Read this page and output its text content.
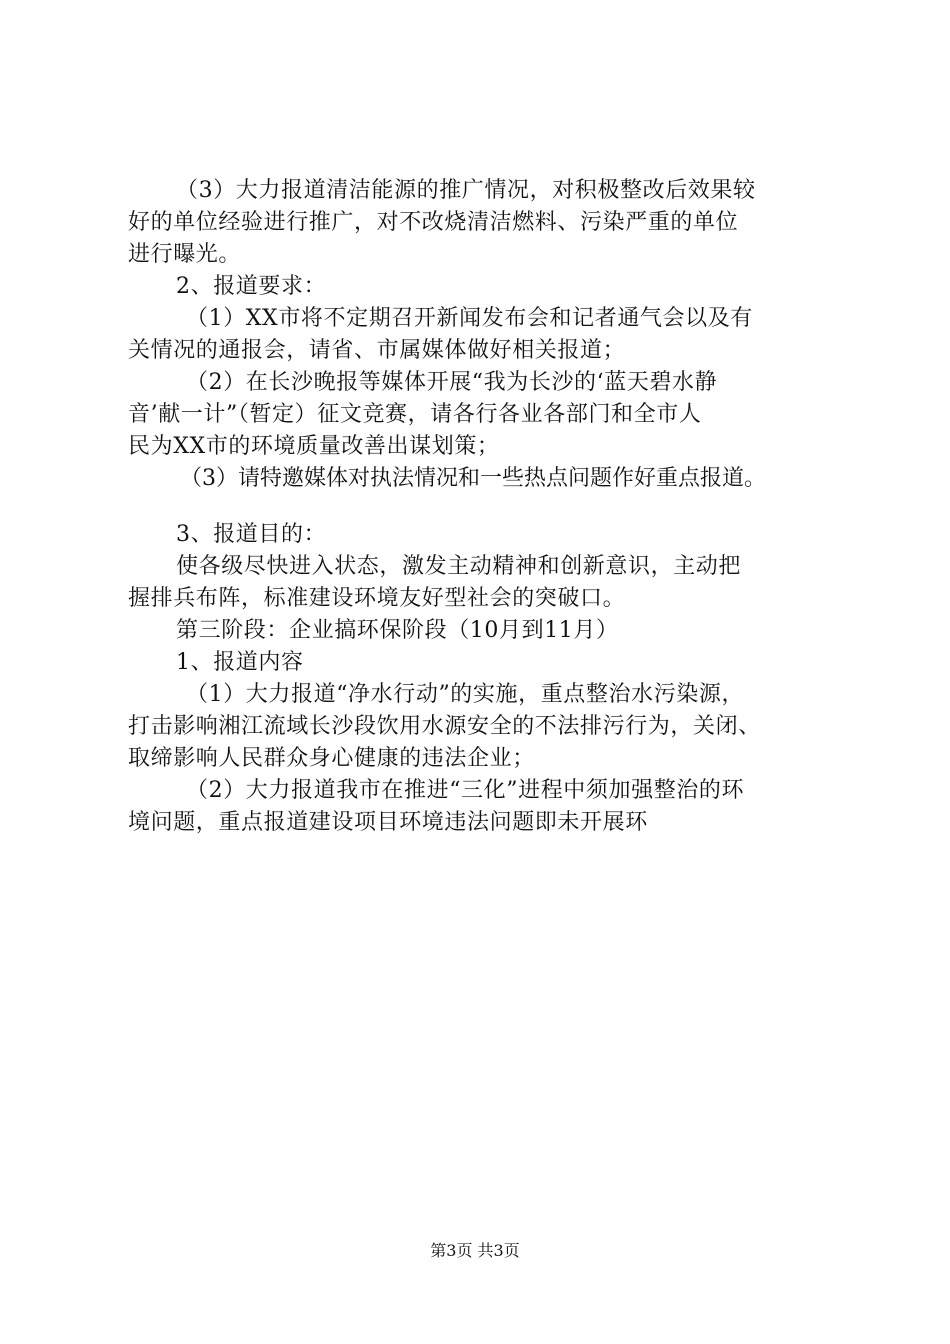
（3）大力报道清洁能源的推广情况，对积极整改后效果较
好的单位经验进行推广，对不改烧清洁燃料、污染严重的单位
进行曝光。
2、报道要求：
（1）XX市将不定期召开新闻发布会和记者通气会以及有
关情况的通报会，请省、市属媒体做好相关报道；
（2）在长沙晚报等媒体开展“我为长沙的‘蓝天碧水静
音’献一计”（暂定）征文竞赛，请各行各业各部门和全市人
民为XX市的环境质量改善出谋划策；
（3）请特邀媒体对执法情况和一些热点问题作好重点报道。
3、报道目的：
使各级尽快进入状态，激发主动精神和创新意识，主动把
握排兵布阵，标准建设环境友好型社会的突破口。
第三阶段：企业搞环保阶段（10月到11月）
1、报道内容
（1）大力报道“净水行动”的实施，重点整治水污染源，
打击影响湘江流域长沙段饮用水源安全的不法排污行为，关闭、
取缔影响人民群众身心健康的违法企业；
（2）大力报道我市在推进“三化”进程中须加强整治的环
境问题，重点报道建设项目环境违法问题即未开展环
第3页 共3页
